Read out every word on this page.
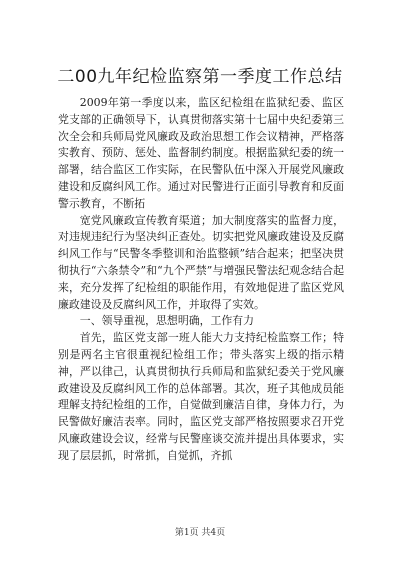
二00九年纪检监察第一季度工作总结

2009年第一季度以来，监区纪检组在监狱纪委、监区党支部的正确领导下，认真贯彻落实第十七届中央纪委第三次全会和兵师局党风廉政及政治思想工作会议精神，严格落实教育、预防、惩处、监督制约制度。根据监狱纪委的统一部署，结合监区工作实际，在民警队伍中深入开展党风廉政建设和反腐纠风工作。通过对民警进行正面引导教育和反面警示教育，不断拓

宽党风廉政宣传教育渠道；加大制度落实的监督力度，对违规违纪行为坚决纠正查处。切实把党风廉政建设及反腐纠风工作与“民警冬季整训和治监整顿”结合起来；把坚决贯彻执行“六条禁令”和“九个严禁”与增强民警法纪观念结合起来，充分发挥了纪检组的职能作用，有效地促进了监区党风廉政建设及反腐纠风工作，并取得了实效。

一、领导重视，思想明确，工作有力

首先，监区党支部一班人能大力支持纪检监察工作；特别是两名主官很重视纪检组工作；带头落实上级的指示精神，严以律己，认真贯彻执行兵师局和监狱纪委关于党风廉政建设及反腐纠风工作的总体部署。其次，班子其他成员能理解支持纪检组的工作，自觉做到廉洁自律，身体力行，为民警做好廉洁表率。同时，监区党支部严格按照要求召开党风廉政建设会议，经常与民警座谈交流并提出具体要求，实现了层层抓，时常抓，自觉抓，齐抓

第1页 共4页
